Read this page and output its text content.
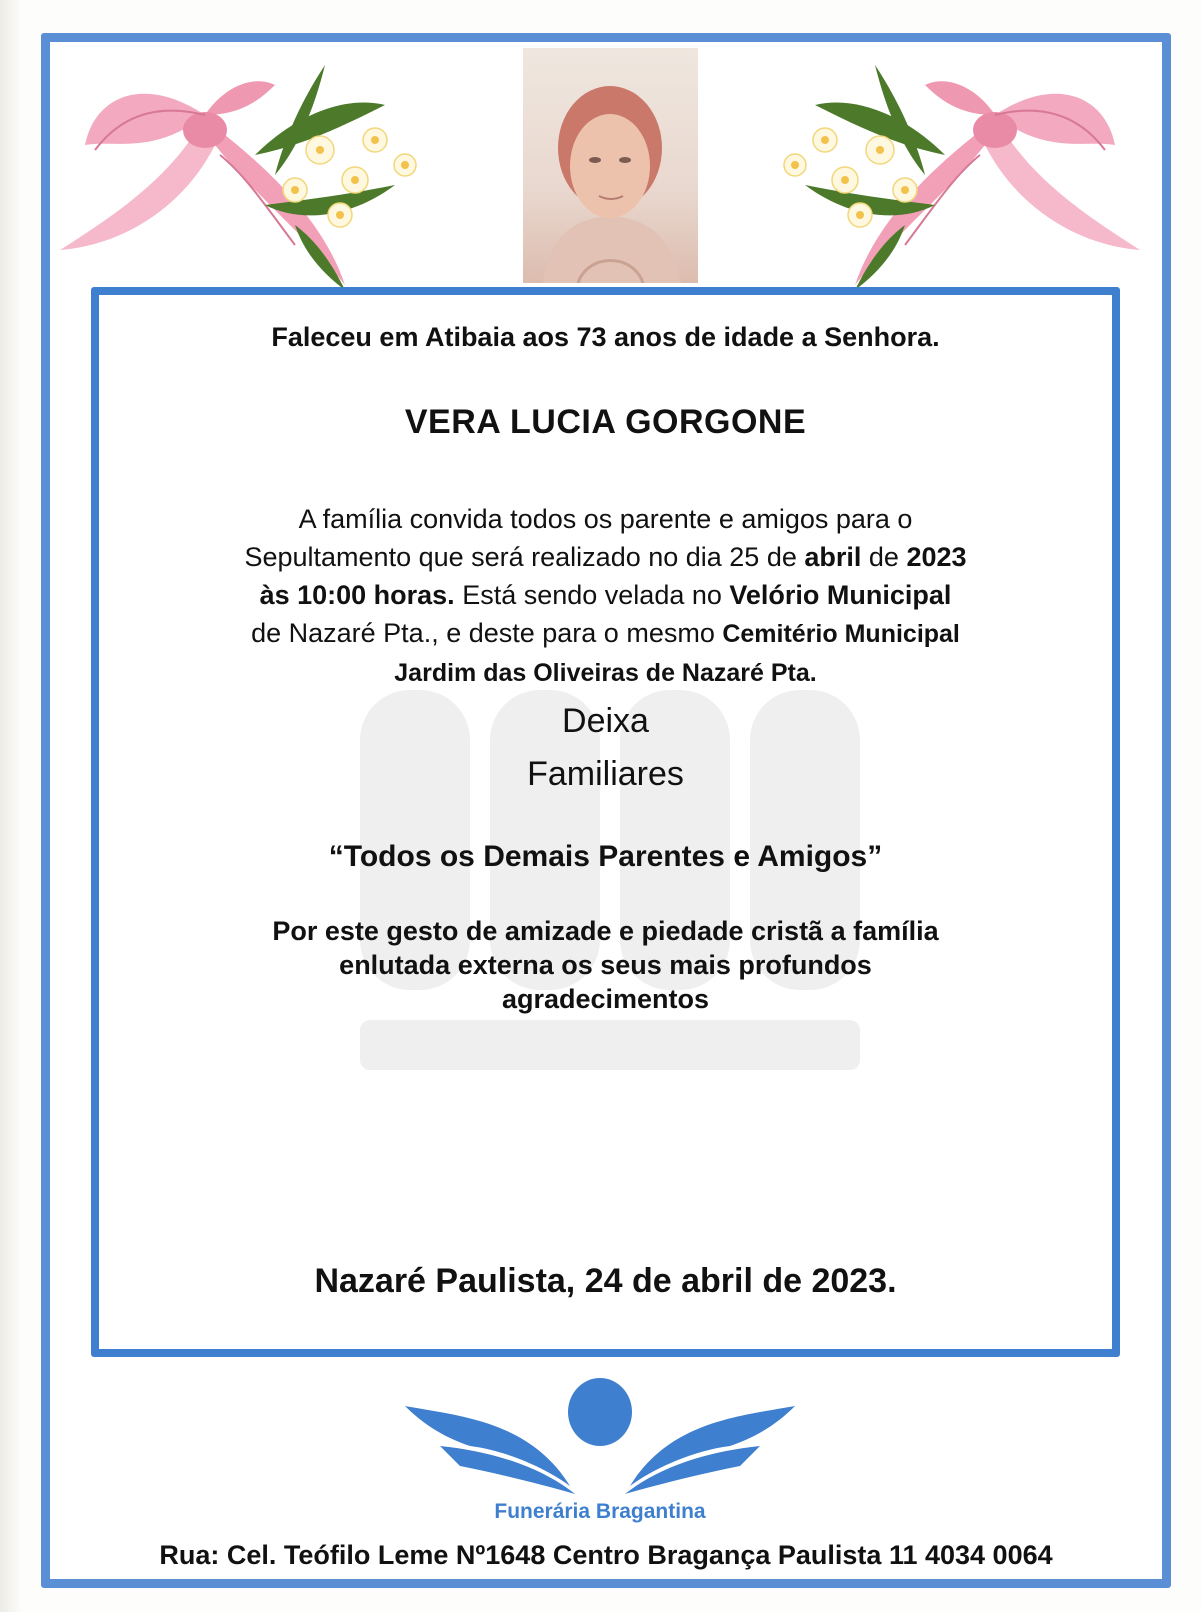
Faleceu em Atibaia aos 73 anos de idade a Senhora.

VERA LUCIA GORGONE

A família convida todos os parente e amigos para o
Sepultamento que será realizado no dia 25 de abril de 2023
às 10:00 horas. Está sendo velada no Velório Municipal
de Nazaré Pta., e deste para o mesmo Cemitério Municipal
Jardim das Oliveiras de Nazaré Pta.

Deixa

Familiares

“Todos os Demais Parentes e Amigos”

Por este gesto de amizade e piedade cristã a família
enlutada externa os seus mais profundos
agradecimentos

Nazaré Paulista, 24 de abril de 2023.

Funerária Bragantina
Rua: Cel. Teófilo Leme Nº1648 Centro Bragança Paulista 11 4034 0064
